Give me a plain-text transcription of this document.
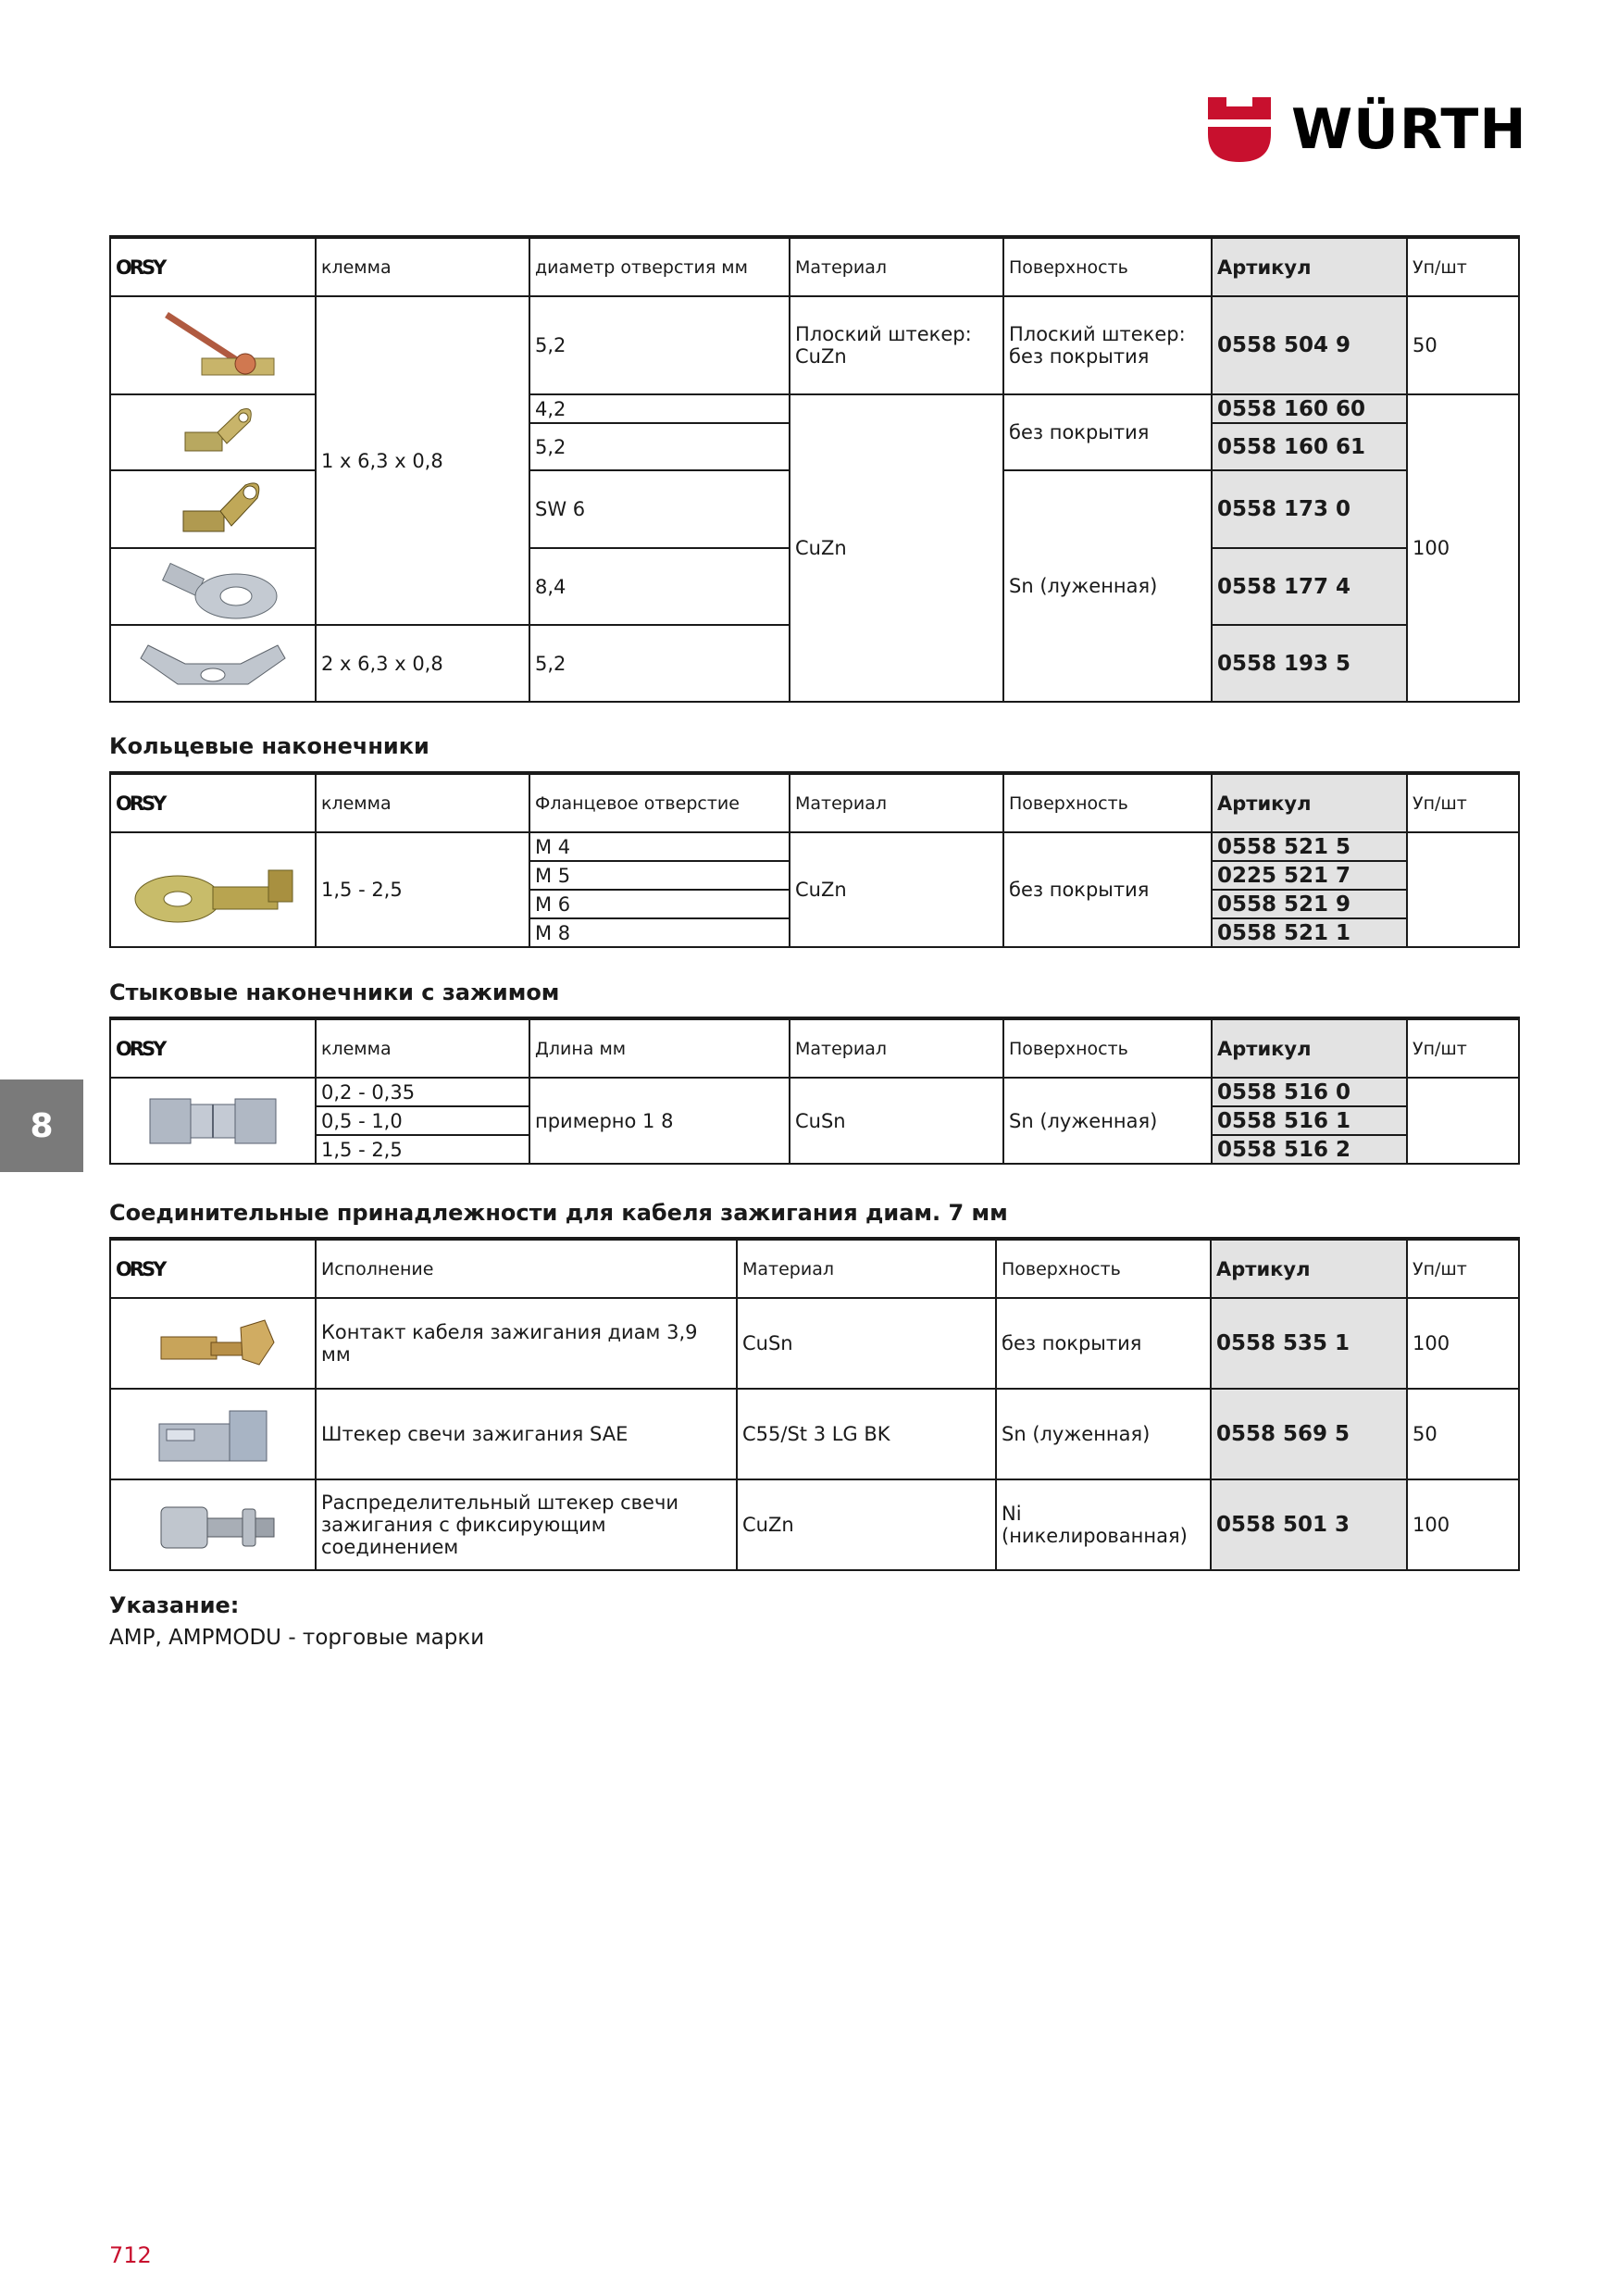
WÜRTH
ORSY	клемма	диаметр отверстия мм	Материал	Поверхность	Артикул	Уп/шт

	1 x 6,3 x 0,8	5,2	Плоский штекер: CuZn	Плоский штекер: без покрытия	0558 504 9	50

	4,2	CuZn	без покрытия	0558 160 60	100
		5,2			0558 160 61	

	SW 6		Sn (луженная)	0558 173 0	

	8,4			0558 177 4	

	2 x 6,3 x 0,8	5,2			0558 193 5	
Кольцевые наконечники
ORSY	клемма	Фланцевое отверстие	Материал	Поверхность	Артикул	Уп/шт

	1,5 - 2,5	M 4	CuZn	без покрытия	0558 521 5	
		M 5			0225 521 7	
		M 6			0558 521 9	
		M 8			0558 521 1	
Стыковые наконечники с зажимом
ORSY	клемма	Длина мм	Материал	Поверхность	Артикул	Уп/шт

	0,2 - 0,35	примерно 1 8	CuSn	Sn (луженная)	0558 516 0	
	0,5 - 1,0				0558 516 1	
	1,5 - 2,5				0558 516 2	
Соединительные принадлежности для кабеля зажигания диам. 7 мм
ORSY	Исполнение	Материал	Поверхность	Артикул	Уп/шт

	Контакт кабеля зажигания диам 3,9 мм	CuSn	без покрытия	0558 535 1	100

	Штекер свечи зажигания SAE	C55/St 3 LG BK	Sn (луженная)	0558 569 5	50

	Распределительный штекер свечи зажигания с фиксирующим соединением	CuZn	Ni (никелированная)	0558 501 3	100
Указание:
AMP, AMPMODU - торговые марки
8
712
